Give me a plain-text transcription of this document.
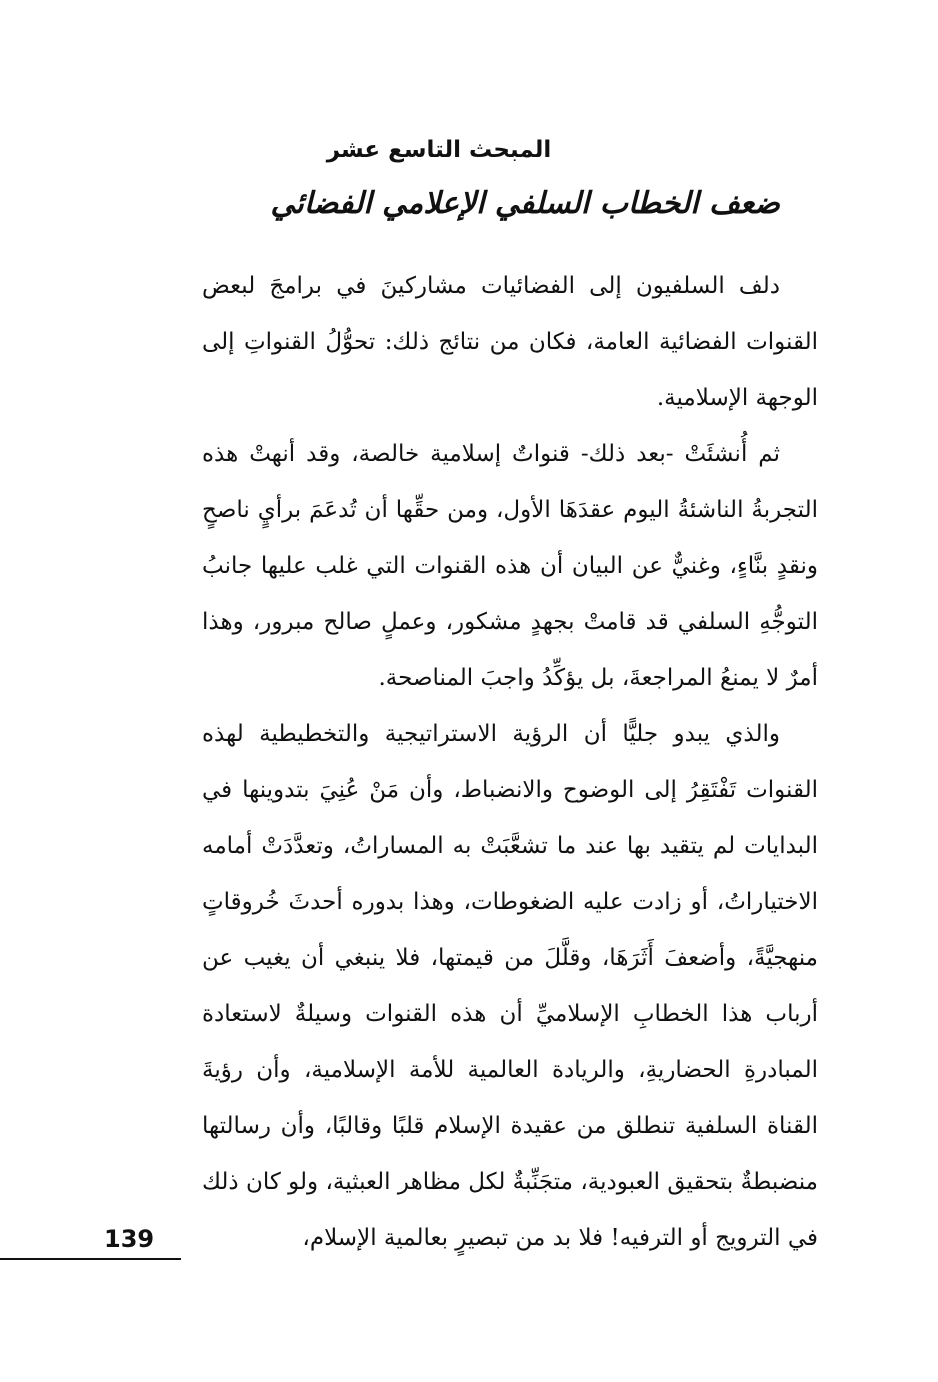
المبحث التاسع عشر
ضعف الخطاب السلفي الإعلامي الفضائي

دلف السلفيون إلى الفضائيات مشاركينَ في برامجَ لبعض القنوات الفضائية العامة، فكان من نتائج ذلك: تحوُّلُ القنواتِ إلى الوجهة الإسلامية.

ثم أُنشئَتْ -بعد ذلك- قنواتٌ إسلامية خالصة، وقد أنهتْ هذه التجربةُ الناشئةُ اليوم عقدَهَا الأول، ومن حقِّها أن تُدعَمَ برأيٍ ناصحٍ ونقدٍ بنَّاءٍ، وغنيٌّ عن البيان أن هذه القنوات التي غلب عليها جانبُ التوجُّهِ السلفي قد قامتْ بجهدٍ مشكور، وعملٍ صالح مبرور، وهذا أمرٌ لا يمنعُ المراجعةَ، بل يؤكِّدُ واجبَ المناصحة.

والذي يبدو جليًّا أن الرؤية الاستراتيجية والتخطيطية لهذه القنوات تَفْتَقِرُ إلى الوضوح والانضباط، وأن مَنْ عُنِيَ بتدوينها في البدايات لم يتقيد بها عند ما تشعَّبَتْ به المساراتُ، وتعدَّدَتْ أمامه الاختياراتُ، أو زادت عليه الضغوطات، وهذا بدوره أحدثَ خُروقاتٍ منهجيَّةً، وأضعفَ أَثَرَهَا، وقلَّلَ من قيمتها، فلا ينبغي أن يغيب عن أرباب هذا الخطابِ الإسلاميِّ أن هذه القنوات وسيلةٌ لاستعادة المبادرةِ الحضاريةِ، والريادة العالمية للأمة الإسلامية، وأن رؤيةَ القناة السلفية تنطلق من عقيدة الإسلام قلبًا وقالبًا، وأن رسالتها منضبطةٌ بتحقيق العبودية، متجَنِّبةٌ لكل مظاهر العبثية، ولو كان ذلك في الترويج أو الترفيه! فلا بد من تبصيرٍ بعالمية الإسلام،

139
